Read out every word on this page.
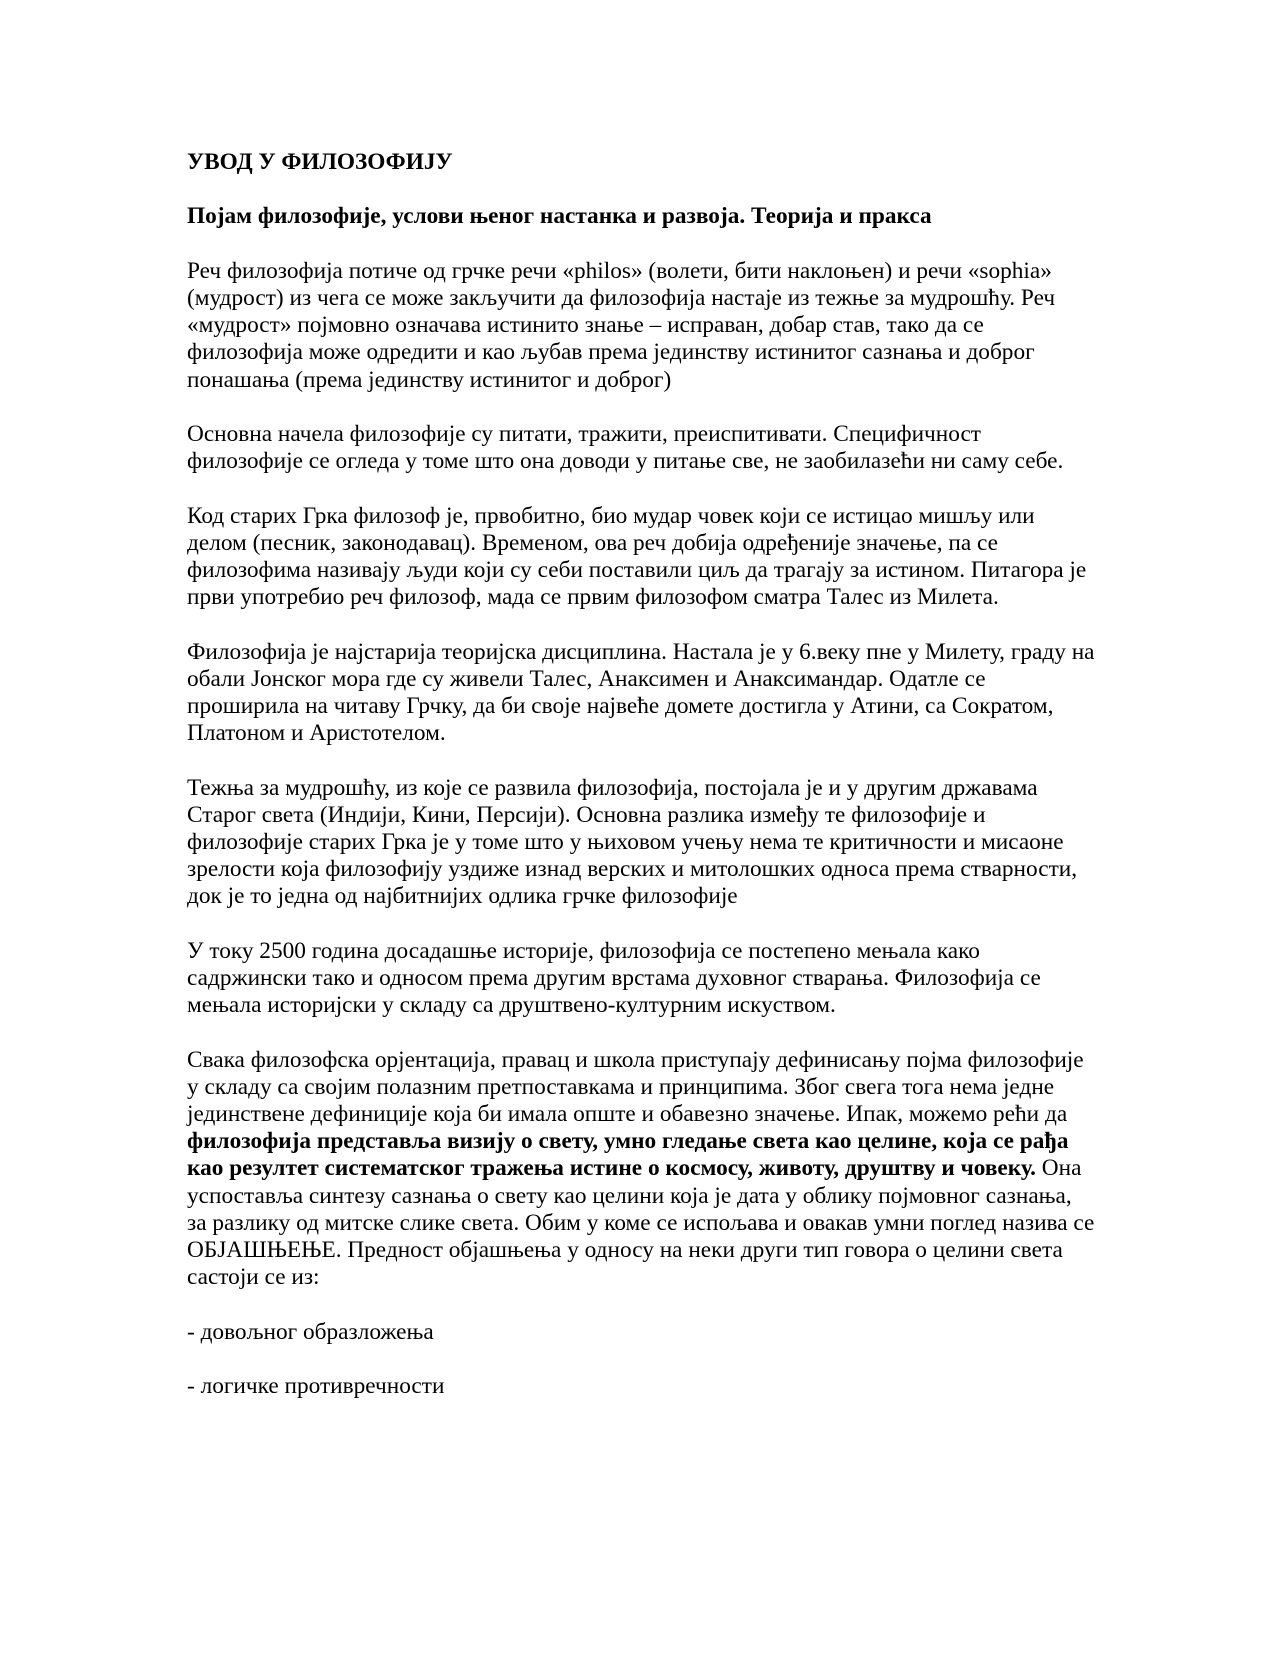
УВОД У ФИЛОЗОФИЈУ

Појам филозофије, услови њеног настанка и развоја. Теорија и пракса

Реч филозофија потиче од грчке речи «philos» (волети, бити наклоњен) и речи «sophia» (мудрост) из чега се може закључити да филозофија настаје из тежње за мудрошћу. Реч «мудрост» појмовно означава истинито знање – исправан, добар став, тако да се филозофија може одредити и као љубав према јединству истинитог сазнања и доброг понашања (према јединству истинитог и доброг)

Основна начела филозофије су питати, тражити, преиспитивати. Специфичност филозофије се огледа у томе што она доводи у питање све, не заобилазећи ни саму себе.

Код старих Грка филозоф је, првобитно, био мудар човек који се истицао мишљу или делом (песник, законодавац). Временом, ова реч добија одређеније значење, па се филозофима називају људи који су себи поставили циљ да трагају за истином. Питагора је први употребио реч филозоф, мада се првим филозофом сматра Талес из Милета.

Филозофија је најстарија теоријска дисциплина. Настала је у 6.веку пне у Милету, граду на обали Јонског мора где су живели Талес, Анаксимен и Анаксимандар. Одатле се проширила на читаву Грчку, да би своје највеће домете достигла у Атини, са Сократом, Платоном и Аристотелом.

Тежња за мудрошћу, из које се развила филозофија, постојала је и у другим државама Старог света (Индији, Кини, Персији). Основна разлика између те филозофије и филозофије старих Грка је у томе што у њиховом учењу нема те критичности и мисаоне зрелости која филозофију уздиже изнад верских и митолошких односа према стварности, док је то једна од најбитнијих одлика грчке филозофије

У току 2500 година досадашње историје, филозофија се постепено мењала како садржински тако и односом према другим врстама духовног стварања. Филозофија се мењала историјски у складу са друштвено-културним искуством.

Свака филозофска орјентација, правац и школа приступају дефинисању појма филозофије у складу са својим полазним претпоставкама и принципима. Због свега тога нема једне јединствене дефиниције која би имала опште и обавезно значење. Ипак, можемо рећи да филозофија представља визију о свету, умно гледање света као целине, која се рађа као резултет систематског тражења истине о космосу, животу, друштву и човеку. Она успоставља синтезу сазнања о свету као целини која је дата у облику појмовног сазнања, за разлику од митске слике света. Обим у коме се испољава и овакав умни поглед назива се ОБЈАШЊЕЊЕ. Предност објашњења у односу на неки други тип говора о целини света састоји се из:

- довољног образложења

- логичке противречности
